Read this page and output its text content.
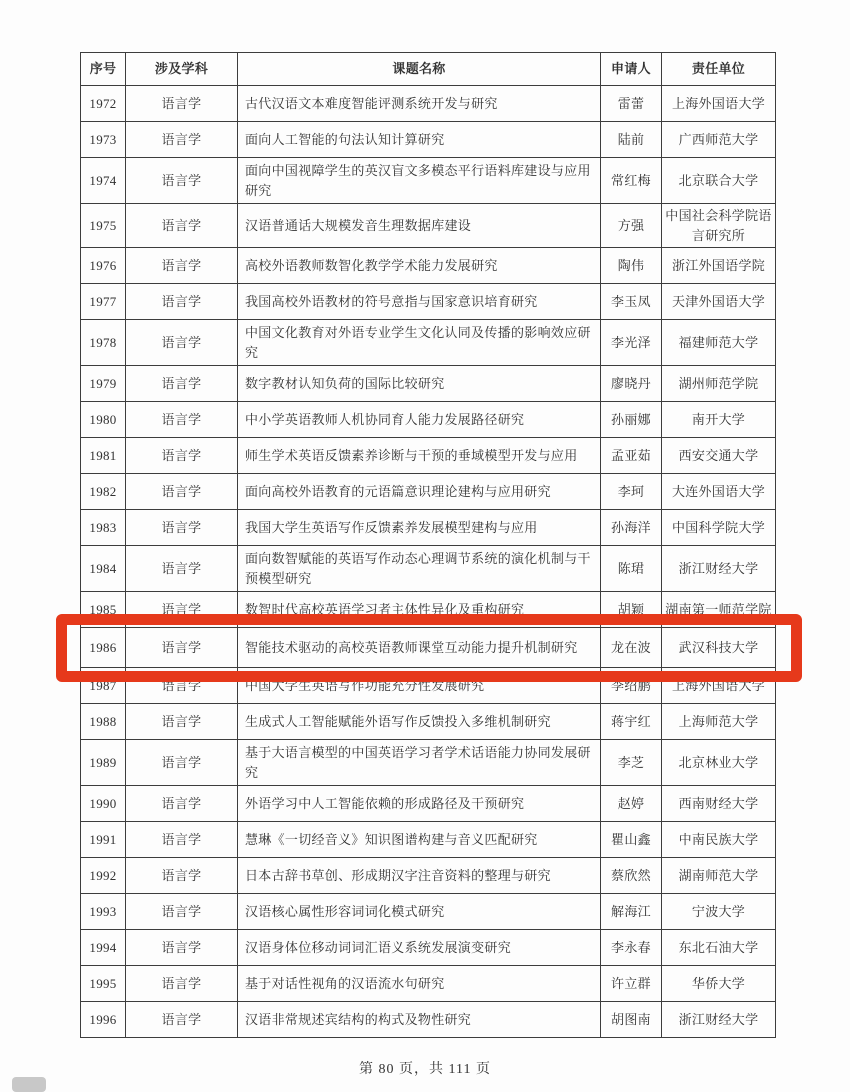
序号	涉及学科	课题名称	申请人	责任单位
1972	语言学	古代汉语文本难度智能评测系统开发与研究	雷蕾	上海外国语大学
1973	语言学	面向人工智能的句法认知计算研究	陆前	广西师范大学
1974	语言学	面向中国视障学生的英汉盲文多模态平行语料库建设与应用研究	常红梅	北京联合大学
1975	语言学	汉语普通话大规模发音生理数据库建设	方强	中国社会科学院语言研究所
1976	语言学	高校外语教师数智化教学学术能力发展研究	陶伟	浙江外国语学院
1977	语言学	我国高校外语教材的符号意指与国家意识培育研究	李玉凤	天津外国语大学
1978	语言学	中国文化教育对外语专业学生文化认同及传播的影响效应研究	李光泽	福建师范大学
1979	语言学	数字教材认知负荷的国际比较研究	廖晓丹	湖州师范学院
1980	语言学	中小学英语教师人机协同育人能力发展路径研究	孙丽娜	南开大学
1981	语言学	师生学术英语反馈素养诊断与干预的垂域模型开发与应用	孟亚茹	西安交通大学
1982	语言学	面向高校外语教育的元语篇意识理论建构与应用研究	李珂	大连外国语大学
1983	语言学	我国大学生英语写作反馈素养发展模型建构与应用	孙海洋	中国科学院大学
1984	语言学	面向数智赋能的英语写作动态心理调节系统的演化机制与干预模型研究	陈珺	浙江财经大学
1985	语言学	数智时代高校英语学习者主体性异化及重构研究	胡颖	湖南第一师范学院
1986	语言学	智能技术驱动的高校英语教师课堂互动能力提升机制研究	龙在波	武汉科技大学
1987	语言学	中国大学生英语写作功能充分性发展研究	李绍鹏	上海外国语大学
1988	语言学	生成式人工智能赋能外语写作反馈投入多维机制研究	蒋宇红	上海师范大学
1989	语言学	基于大语言模型的中国英语学习者学术话语能力协同发展研究	李芝	北京林业大学
1990	语言学	外语学习中人工智能依赖的形成路径及干预研究	赵婷	西南财经大学
1991	语言学	慧琳《一切经音义》知识图谱构建与音义匹配研究	瞿山鑫	中南民族大学
1992	语言学	日本古辞书草创、形成期汉字注音资料的整理与研究	蔡欣然	湖南师范大学
1993	语言学	汉语核心属性形容词词化模式研究	解海江	宁波大学
1994	语言学	汉语身体位移动词词汇语义系统发展演变研究	李永春	东北石油大学
1995	语言学	基于对话性视角的汉语流水句研究	许立群	华侨大学
1996	语言学	汉语非常规述宾结构的构式及物性研究	胡图南	浙江财经大学
第 80 页，共 111 页
